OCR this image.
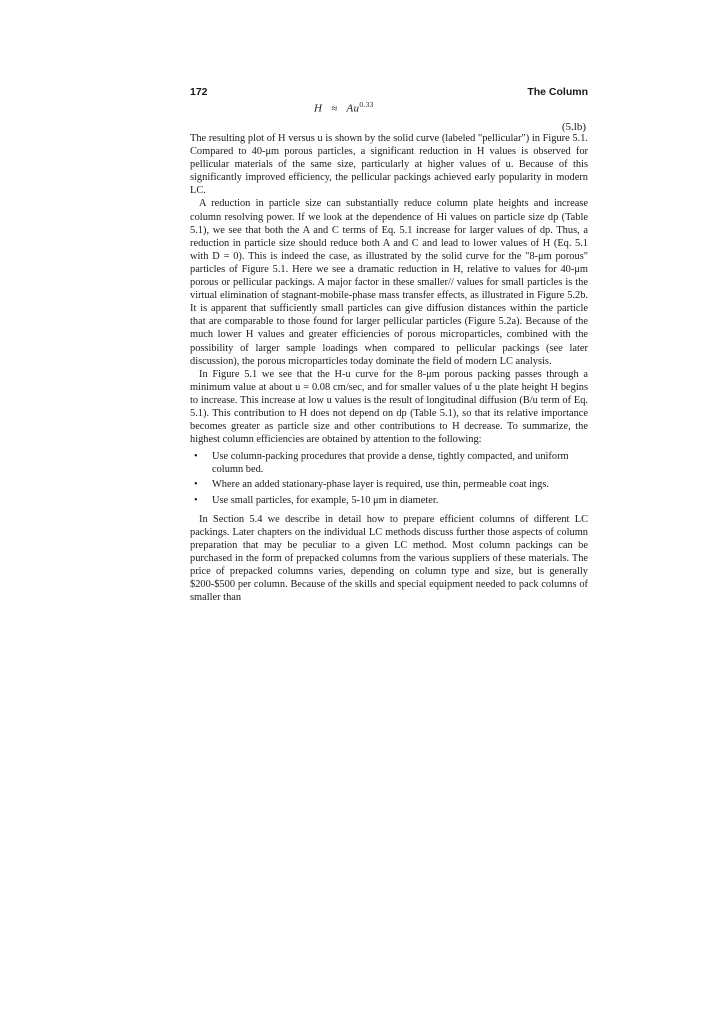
172	The Column
$H \approx Au^{0.33}$
(5.lb)

The resulting plot of H versus u is shown by the solid curve (labeled "pellicular") in Figure 5.1. Compared to 40-μm porous particles, a significant reduction in H values is observed for pellicular materials of the same size, particularly at higher values of u. Because of this significantly improved efficiency, the pellicular packings achieved early popularity in modern LC.

A reduction in particle size can substantially reduce column plate heights and increase column resolving power. If we look at the dependence of Hi values on particle size dp (Table 5.1), we see that both the A and C terms of Eq. 5.1 increase for larger values of dp. Thus, a reduction in particle size should reduce both A and C and lead to lower values of H (Eq. 5.1 with D = 0). This is indeed the case, as illustrated by the solid curve for the "8-μm porous" particles of Figure 5.1. Here we see a dramatic reduction in H, relative to values for 40-μm porous or pellicular packings. A major factor in these smaller// values for small particles is the virtual elimination of stagnant-mobile-phase mass transfer effects, as illustrated in Figure 5.2b. It is apparent that sufficiently small particles can give diffusion distances within the particle that are comparable to those found for larger pellicular particles (Figure 5.2a). Because of the much lower H values and greater efficiencies of porous microparticles, combined with the possibility of larger sample loadings when compared to pellicular packings (see later discussion), the porous microparticles today dominate the field of modern LC analysis.

In Figure 5.1 we see that the H-u curve for the 8-μm porous packing passes through a minimum value at about u = 0.08 cm/sec, and for smaller values of u the plate height H begins to increase. This increase at low u values is the result of longitudinal diffusion (B/u term of Eq. 5.1). This contribution to H does not depend on dp (Table 5.1), so that its relative importance becomes greater as particle size and other contributions to H decrease. To summarize, the highest column efficiencies are obtained by attention to the following:

• Use column-packing procedures that provide a dense, tightly compacted, and uniform column bed.
• Where an added stationary-phase layer is required, use thin, permeable coat ings.
• Use small particles, for example, 5-10 μm in diameter.

In Section 5.4 we describe in detail how to prepare efficient columns of different LC packings. Later chapters on the individual LC methods discuss further those aspects of column preparation that may be peculiar to a given LC method. Most column packings can be purchased in the form of prepacked columns from the various suppliers of these materials. The price of prepacked columns varies, depending on column type and size, but is generally $200-$500 per column. Because of the skills and special equipment needed to pack columns of smaller than
